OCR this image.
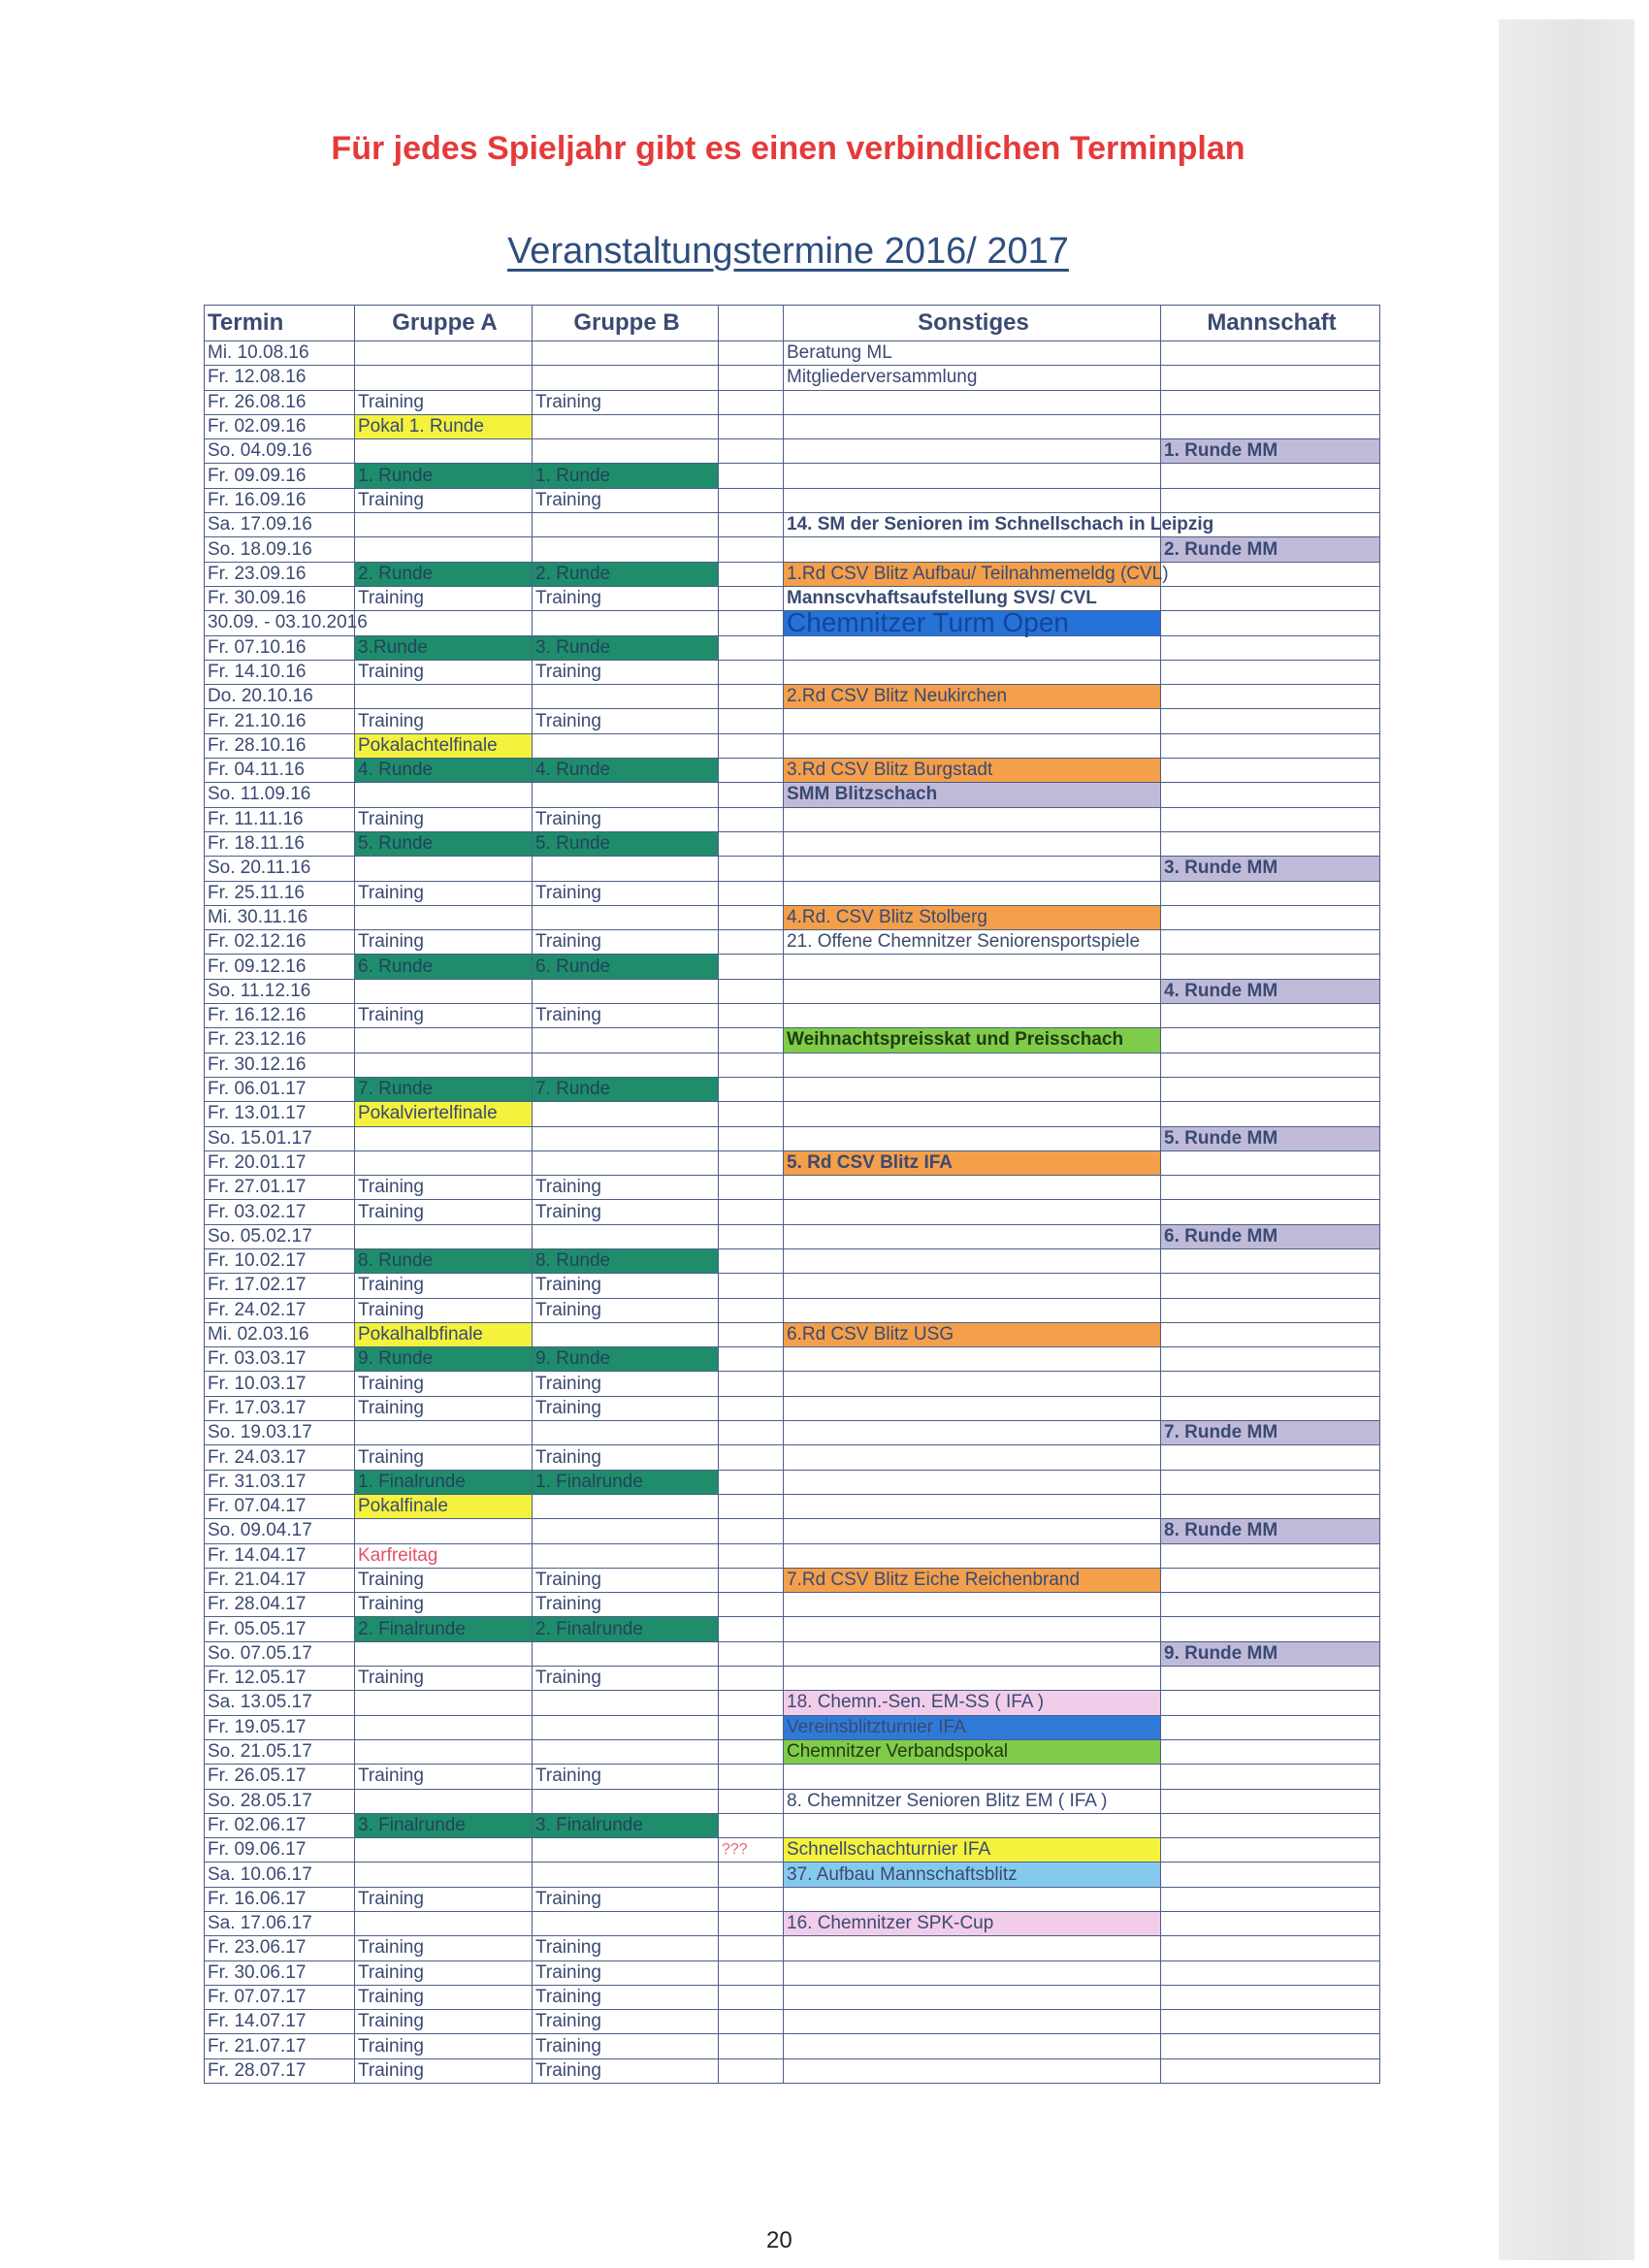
Für jedes Spieljahr gibt es einen verbindlichen Terminplan
Veranstaltungstermine 2016/ 2017
Termin	Gruppe A	Gruppe B		Sonstiges	Mannschaft
Mi. 10.08.16				Beratung ML	
Fr. 12.08.16				Mitgliederversammlung	
Fr. 26.08.16	Training	Training			
Fr. 02.09.16	Pokal 1. Runde				
So. 04.09.16					1. Runde MM
Fr. 09.09.16	1. Runde	1. Runde			
Fr. 16.09.16	Training	Training			
Sa. 17.09.16				14. SM der Senioren im Schnellschach in Leipzig	
So. 18.09.16					2. Runde MM
Fr. 23.09.16	2. Runde	2. Runde		1.Rd CSV Blitz Aufbau/ Teilnahmemeldg (CVL)	
Fr. 30.09.16	Training	Training		Mannscvhaftsaufstellung SVS/ CVL	
30.09. - 03.10.2016				Chemnitzer Turm Open	
Fr. 07.10.16	3.Runde	3. Runde			
Fr. 14.10.16	Training	Training			
Do. 20.10.16				2.Rd CSV Blitz Neukirchen	
Fr. 21.10.16	Training	Training			
Fr. 28.10.16	Pokalachtelfinale				
Fr. 04.11.16	4. Runde	4. Runde		3.Rd CSV Blitz Burgstadt	
So. 11.09.16				SMM Blitzschach	
Fr. 11.11.16	Training	Training			
Fr. 18.11.16	5. Runde	5. Runde			
So. 20.11.16					3. Runde MM
Fr. 25.11.16	Training	Training			
Mi. 30.11.16				4.Rd. CSV Blitz Stolberg	
Fr. 02.12.16	Training	Training		21. Offene Chemnitzer Seniorensportspiele	
Fr. 09.12.16	6. Runde	6. Runde			
So. 11.12.16					4. Runde MM
Fr. 16.12.16	Training	Training			
Fr. 23.12.16				Weihnachtspreisskat und Preisschach	
Fr. 30.12.16					
Fr. 06.01.17	7. Runde	7. Runde			
Fr. 13.01.17	Pokalviertelfinale				
So. 15.01.17					5. Runde MM
Fr. 20.01.17				5. Rd CSV Blitz IFA	
Fr. 27.01.17	Training	Training			
Fr. 03.02.17	Training	Training			
So. 05.02.17					6. Runde MM
Fr. 10.02.17	8. Runde	8. Runde			
Fr. 17.02.17	Training	Training			
Fr. 24.02.17	Training	Training			
Mi. 02.03.16	Pokalhalbfinale			6.Rd CSV Blitz USG	
Fr. 03.03.17	9. Runde	9. Runde			
Fr. 10.03.17	Training	Training			
Fr. 17.03.17	Training	Training			
So. 19.03.17					7. Runde MM
Fr. 24.03.17	Training	Training			
Fr. 31.03.17	1. Finalrunde	1. Finalrunde			
Fr. 07.04.17	Pokalfinale				
So. 09.04.17					8. Runde MM
Fr. 14.04.17	Karfreitag				
Fr. 21.04.17	Training	Training		7.Rd CSV Blitz Eiche Reichenbrand	
Fr. 28.04.17	Training	Training			
Fr. 05.05.17	2. Finalrunde	2. Finalrunde			
So. 07.05.17					9. Runde MM
Fr. 12.05.17	Training	Training			
Sa. 13.05.17				18. Chemn.-Sen. EM-SS ( IFA )	
Fr. 19.05.17				Vereinsblitzturnier IFA	
So. 21.05.17				Chemnitzer Verbandspokal	
Fr. 26.05.17	Training	Training			
So. 28.05.17				8. Chemnitzer Senioren Blitz EM ( IFA )	
Fr. 02.06.17	3. Finalrunde	3. Finalrunde			
Fr. 09.06.17			???	Schnellschachturnier IFA	
Sa. 10.06.17				37. Aufbau Mannschaftsblitz	
Fr. 16.06.17	Training	Training			
Sa. 17.06.17				16. Chemnitzer SPK-Cup	
Fr. 23.06.17	Training	Training			
Fr. 30.06.17	Training	Training			
Fr. 07.07.17	Training	Training			
Fr. 14.07.17	Training	Training			
Fr. 21.07.17	Training	Training			
Fr. 28.07.17	Training	Training			
20
